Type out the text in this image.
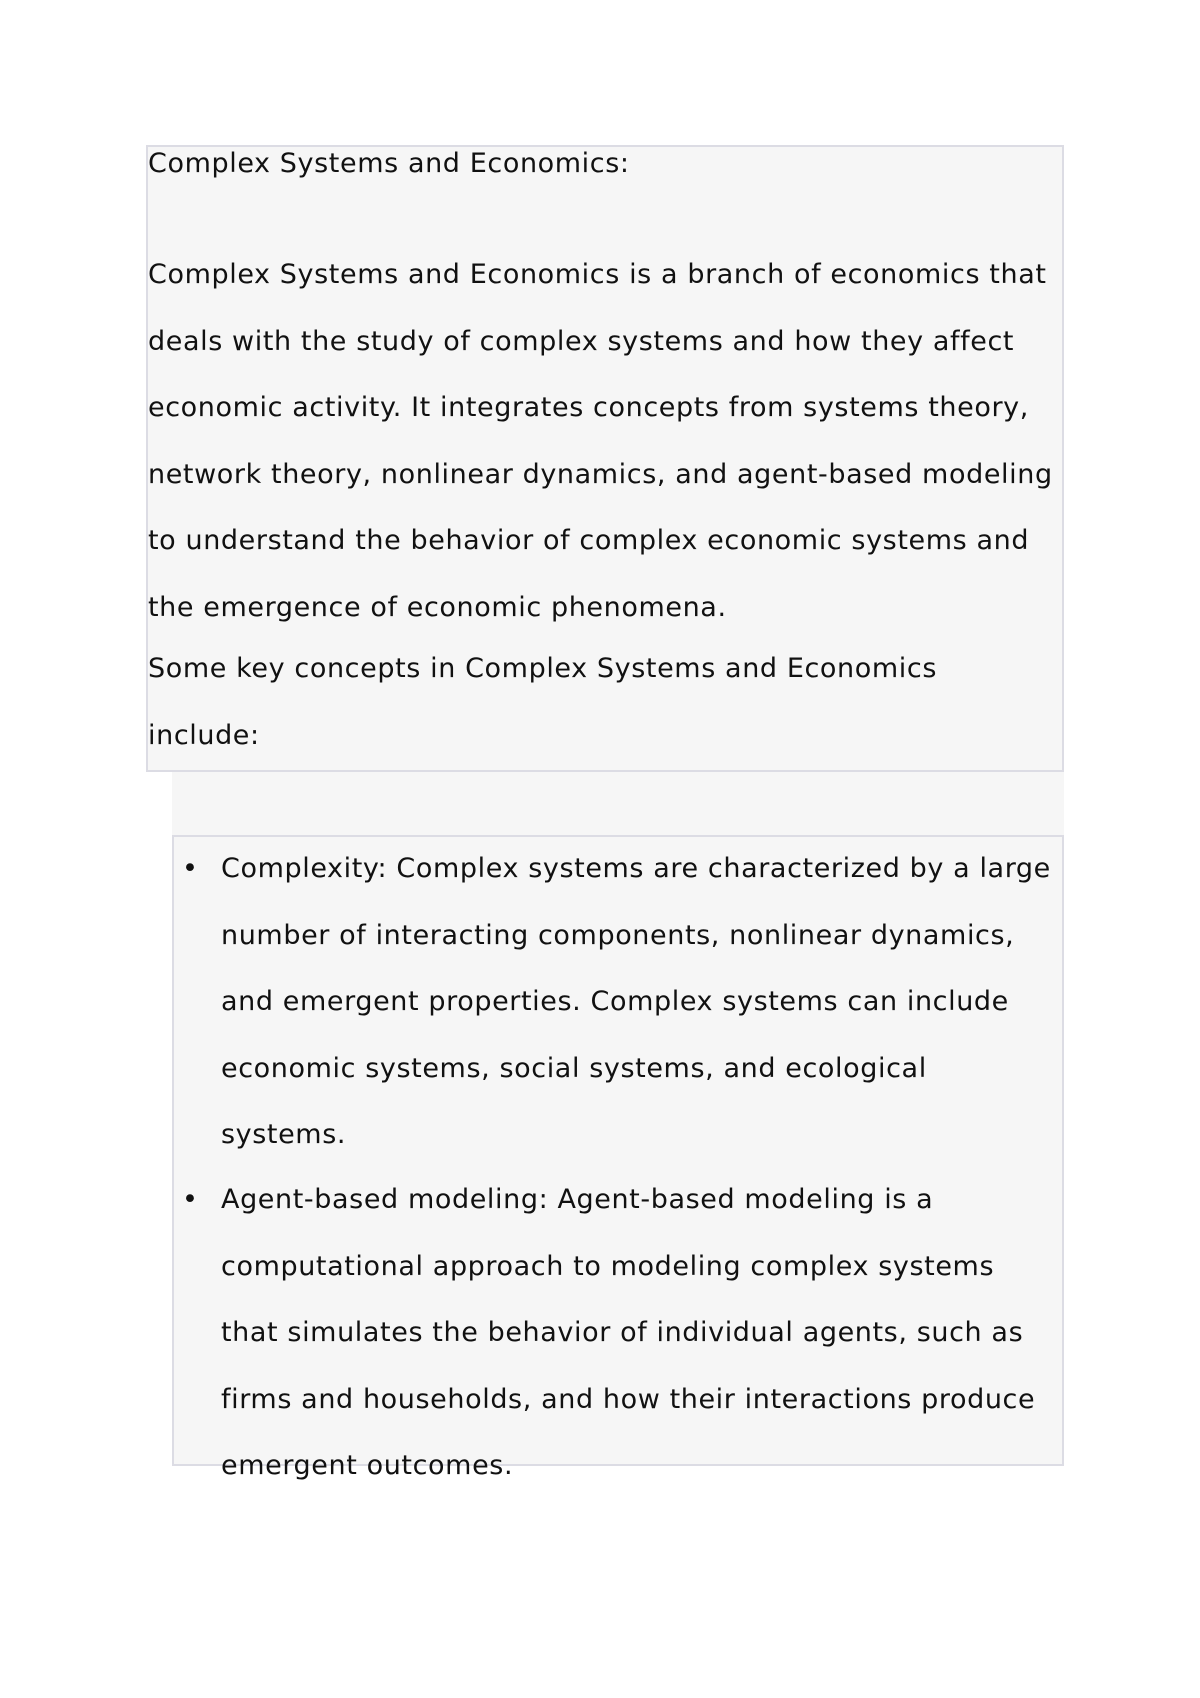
Complex Systems and Economics:

Complex Systems and Economics is a branch of economics that
deals with the study of complex systems and how they affect
economic activity. It integrates concepts from systems theory,
network theory, nonlinear dynamics, and agent-based modeling
to understand the behavior of complex economic systems and
the emergence of economic phenomena.

Some key concepts in Complex Systems and Economics
include:

• Complexity: Complex systems are characterized by a large
number of interacting components, nonlinear dynamics,
and emergent properties. Complex systems can include
economic systems, social systems, and ecological
systems.

• Agent-based modeling: Agent-based modeling is a
computational approach to modeling complex systems
that simulates the behavior of individual agents, such as
firms and households, and how their interactions produce
emergent outcomes.
